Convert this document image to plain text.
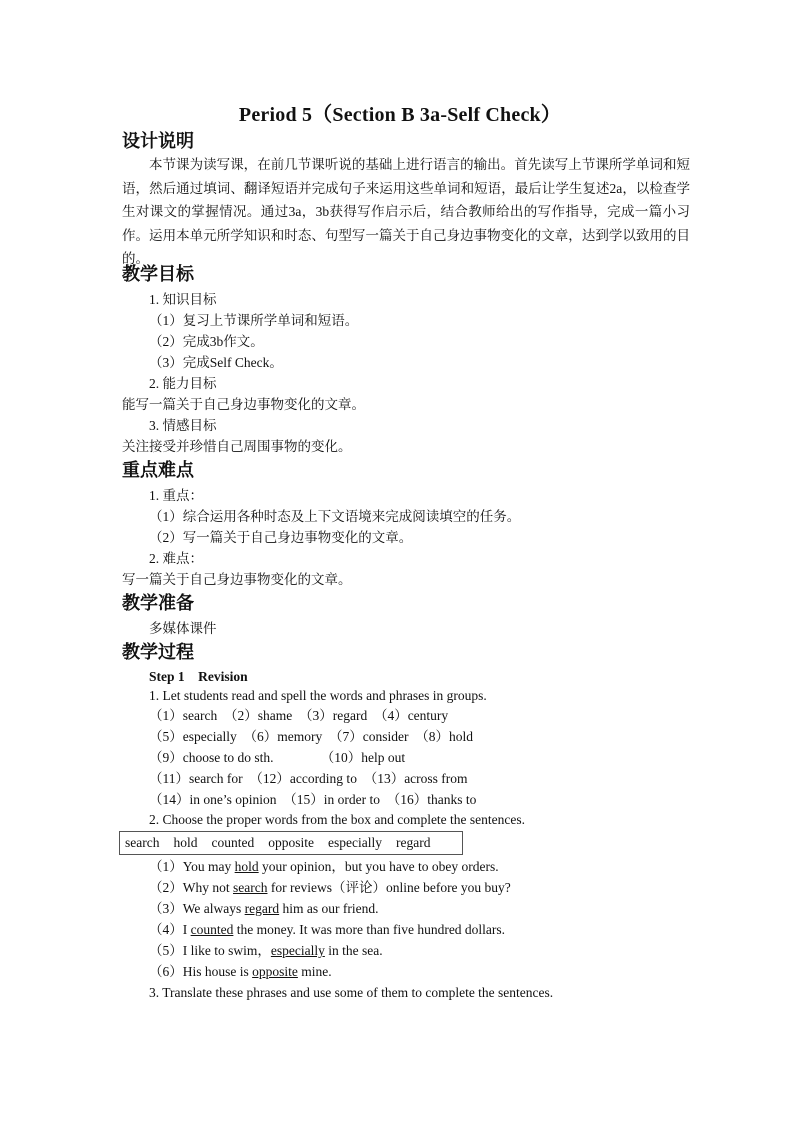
Period 5（Section B 3a-Self Check）
设计说明

本节课为读写课，在前几节课听说的基础上进行语言的输出。首先读写上节课所学单词和短语，然后通过填词、翻译短语并完成句子来运用这些单词和短语，最后让学生复述2a，以检查学生对课文的掌握情况。通过3a，3b获得写作启示后，结合教师给出的写作指导，完成一篇小习作。运用本单元所学知识和时态、句型写一篇关于自己身边事物变化的文章，达到学以致用的目的。

教学目标
1. 知识目标
（1）复习上节课所学单词和短语。
（2）完成3b作文。
（3）完成Self Check。
2. 能力目标
能写一篇关于自己身边事物变化的文章。
3. 情感目标
关注接受并珍惜自己周围事物的变化。
重点难点
1. 重点：
（1）综合运用各种时态及上下文语境来完成阅读填空的任务。
（2）写一篇关于自己身边事物变化的文章。
2. 难点：
写一篇关于自己身边事物变化的文章。
教学准备
多媒体课件
教学过程
Step 1 Revision
1. Let students read and spell the words and phrases in groups.
（1）search　（2）shame　（3）regard　（4）century
（5）especially　（6）memory　（7）consider　（8）hold
（9）choose to do sth.　　　　（10）help out
（11）search for　（12）according to　（13）across from
（14）in one’s opinion　（15）in order to　（16）thanks to
2. Choose the proper words from the box and complete the sentences.
search hold counted opposite especially regard
（1）You may hold your opinion，but you have to obey orders.
（2）Why not search for reviews（评论）online before you buy?
（3）We always regard him as our friend.
（4）I counted the money. It was more than five hundred dollars.
（5）I like to swim，especially in the sea.
（6）His house is opposite mine.
3. Translate these phrases and use some of them to complete the sentences.
